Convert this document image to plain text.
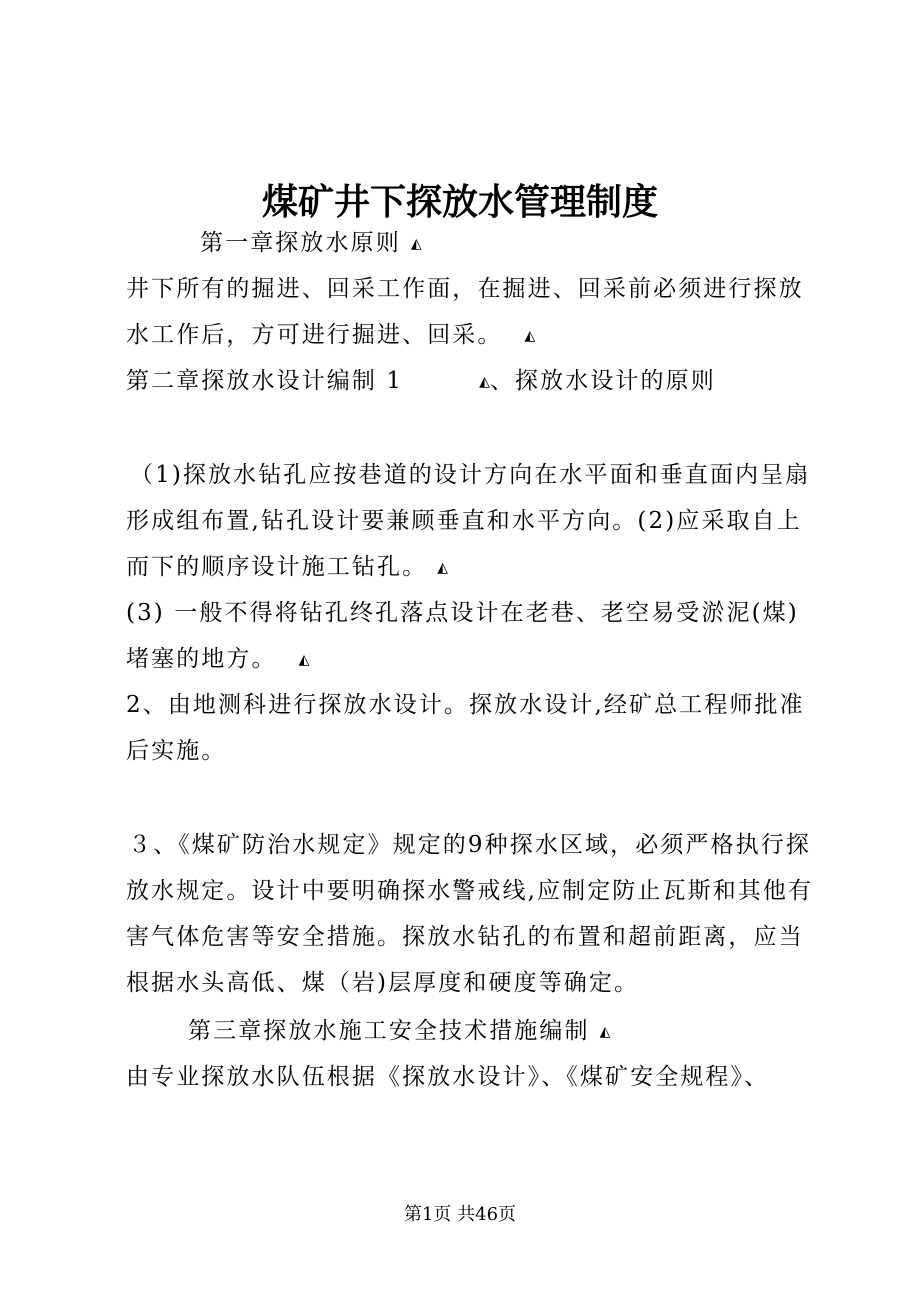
煤矿井下探放水管理制度
第一章探放水原则 ◭
井下所有的掘进、回采工作面，在掘进、回采前必须进行探放
水工作后，方可进行掘进、回采。 ◭
第二章探放水设计编制 1	◭、探放水设计的原则
（1)探放水钻孔应按巷道的设计方向在水平面和垂直面内呈扇
形成组布置,钻孔设计要兼顾垂直和水平方向。(2)应采取自上
而下的顺序设计施工钻孔。 ◭
(3) 一般不得将钻孔终孔落点设计在老巷、老空易受淤泥(煤)
堵塞的地方。 ◭
2、由地测科进行探放水设计。探放水设计,经矿总工程师批准
后实施。
３、《煤矿防治水规定》规定的9种探水区域，必须严格执行探
放水规定。设计中要明确探水警戒线,应制定防止瓦斯和其他有
害气体危害等安全措施。探放水钻孔的布置和超前距离，应当
根据水头高低、煤（岩)层厚度和硬度等确定。
第三章探放水施工安全技术措施编制 ◭
由专业探放水队伍根据《探放水设计》、《煤矿安全规程》、
第1页 共46页
